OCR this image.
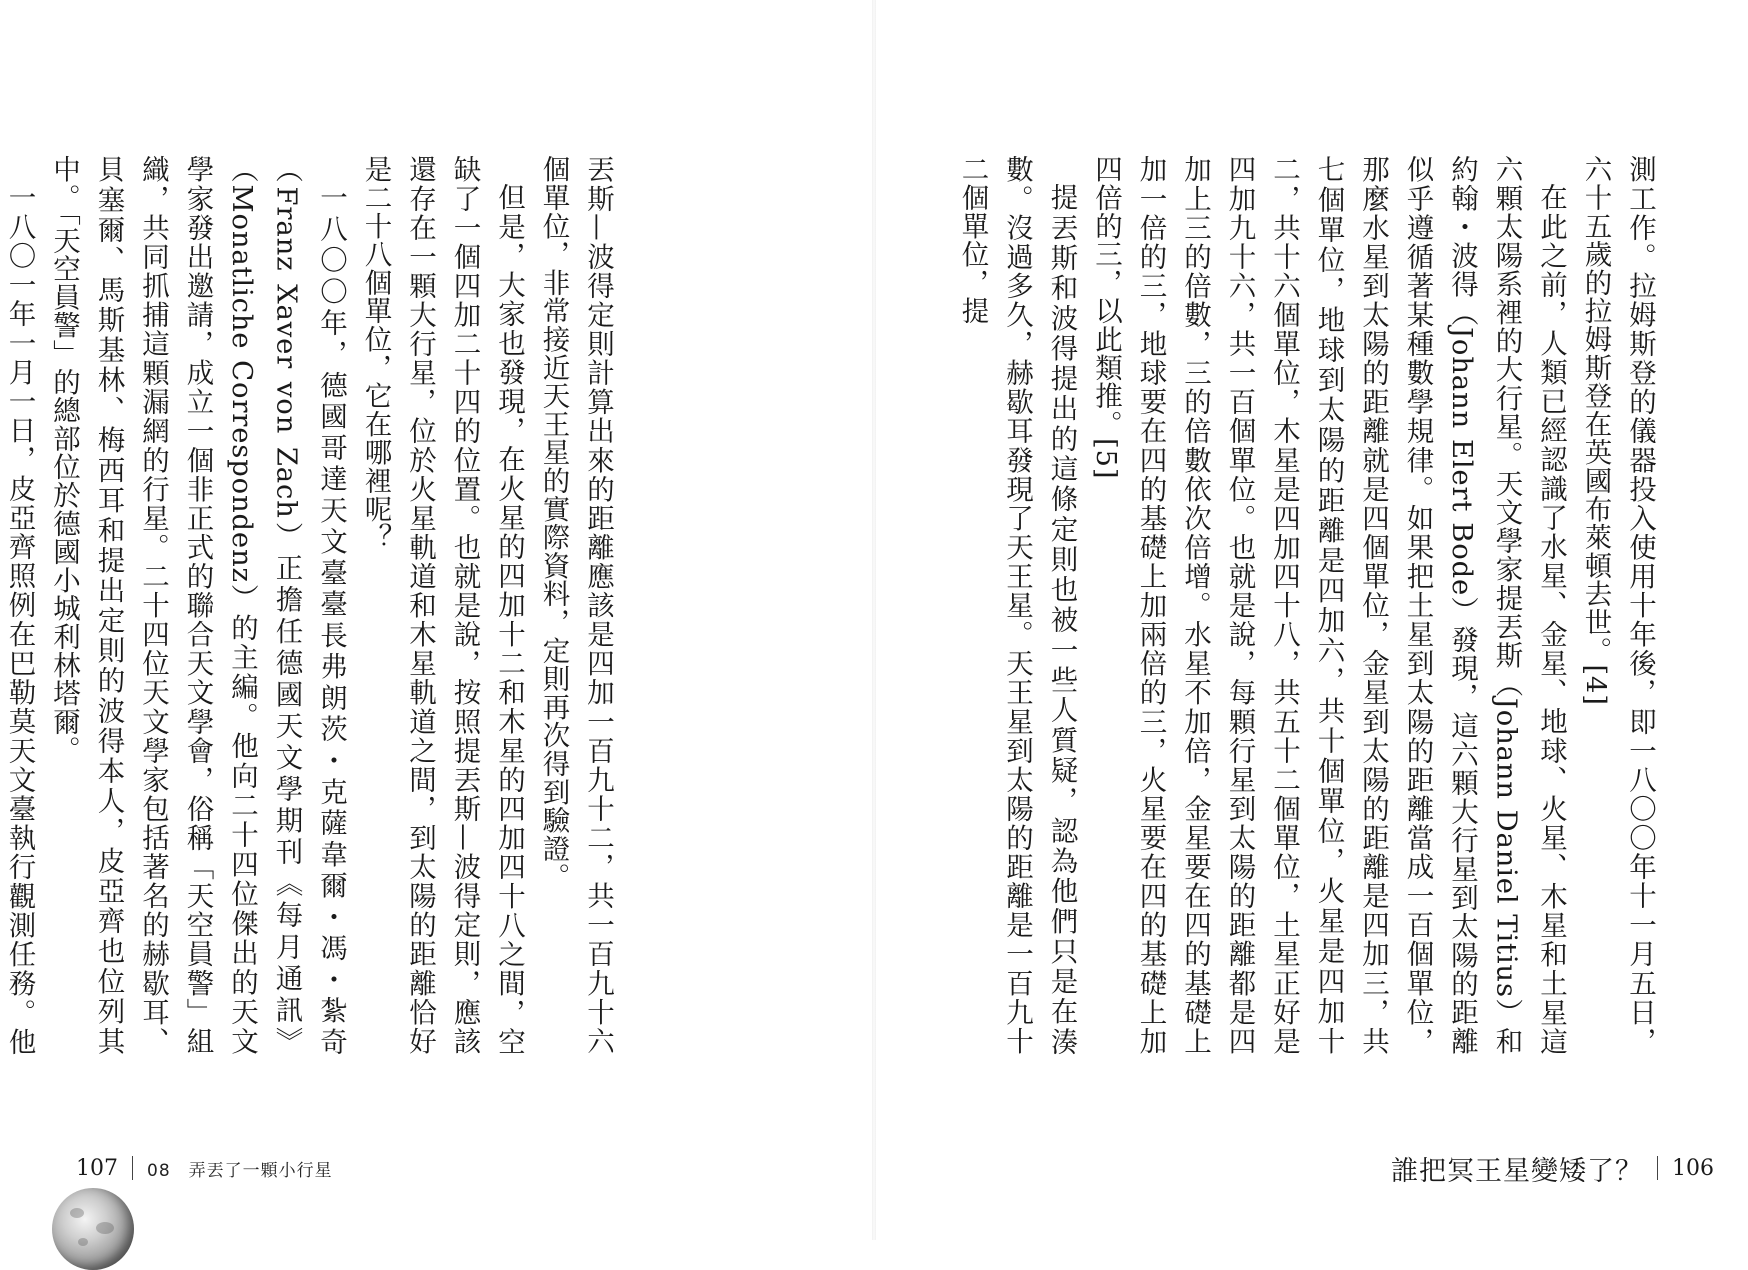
丟斯—波得定則計算出來的距離應該是四加一百九十二，共一百九十六個單位，非常接近天王星的實際資料，定則再次得到驗證。

但是，大家也發現，在火星的四加十二和木星的四加四十八之間，空缺了一個四加二十四的位置。也就是說，按照提丟斯—波得定則，應該還存在一顆大行星，位於火星軌道和木星軌道之間，到太陽的距離恰好是二十八個單位，它在哪裡呢？

一八〇〇年，德國哥達天文臺臺長弗朗茨・克薩韋爾・馮・紮奇（Franz Xaver von Zach）正擔任德國天文學期刊《每月通訊》（Monatliche Correspondenz）的主編。他向二十四位傑出的天文學家發出邀請，成立一個非正式的聯合天文學會，俗稱「天空員警」組織，共同抓捕這顆漏網的行星。二十四位天文學家包括著名的赫歇耳、貝塞爾、馬斯基林、梅西耳和提出定則的波得本人，皮亞齊也位列其中。「天空員警」的總部位於德國小城利林塔爾。

一八〇一年一月一日，皮亞齊照例在巴勒莫天文臺執行觀測任務。他

107 08　弄丟了一顆小行星

測工作。拉姆斯登的儀器投入使用十年後，即一八〇〇年十一月五日，六十五歲的拉姆斯登在英國布萊頓去世。[4]

在此之前，人類已經認識了水星、金星、地球、火星、木星和土星這六顆太陽系裡的大行星。天文學家提丟斯（Johann Daniel Titius）和約翰・波得（Johann Elert Bode）發現，這六顆大行星到太陽的距離似乎遵循著某種數學規律。如果把土星到太陽的距離當成一百個單位，那麼水星到太陽的距離就是四個單位，金星到太陽的距離是四加三，共七個單位，地球到太陽的距離是四加六，共十個單位，火星是四加十二，共十六個單位，木星是四加四十八，共五十二個單位，土星正好是四加九十六，共一百個單位。也就是說，每顆行星到太陽的距離都是四加上三的倍數，三的倍數依次倍增。水星不加倍，金星要在四的基礎上加一倍的三，地球要在四的基礎上加兩倍的三，火星要在四的基礎上加四倍的三，以此類推。[5]

提丟斯和波得提出的這條定則也被一些人質疑，認為他們只是在湊數。沒過多久，赫歇耳發現了天王星。天王星到太陽的距離是一百九十二個單位，提

誰把冥王星變矮了？ 106
